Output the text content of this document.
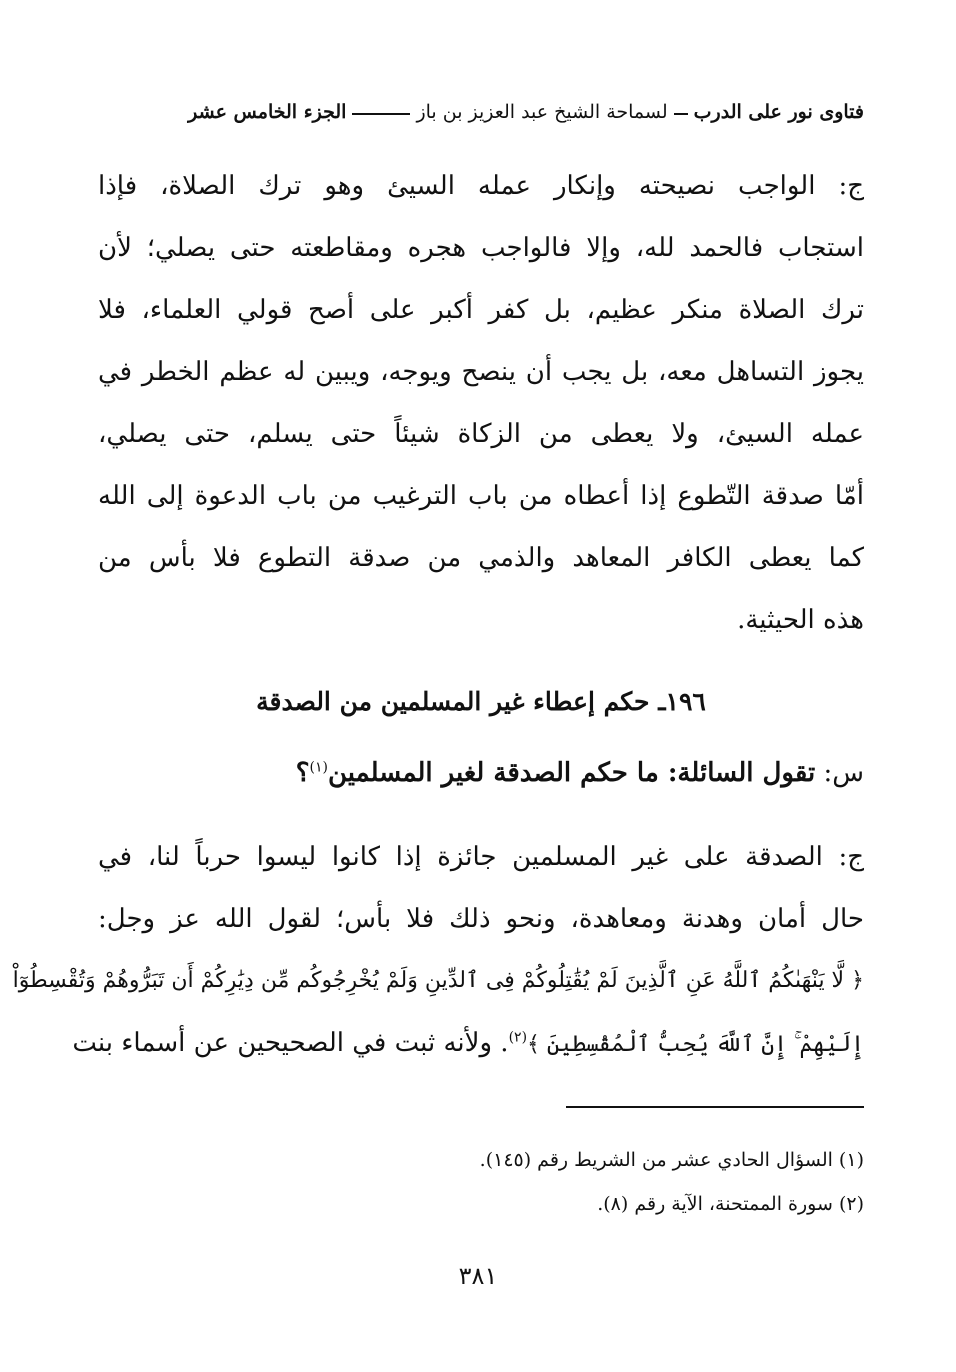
فتاوى نور على الدرب
لسماحة الشيخ عبد العزيز بن باز
الجزء الخامس عشر
ج: الواجب نصيحته وإنكار عمله السيئ وهو ترك الصلاة، فإذا
استجاب فالحمد لله، وإلا فالواجب هجره ومقاطعته حتى يصلي؛ لأن
ترك الصلاة منكر عظيم، بل كفر أكبر على أصح قولي العلماء، فلا
يجوز التساهل معه، بل يجب أن ينصح ويوجه، ويبين له عظم الخطر في
عمله السيئ، ولا يعطى من الزكاة شيئاً حتى يسلم، حتى يصلي،
أمّا صدقة التّطوع إذا أعطاه من باب الترغيب من باب الدعوة إلى الله
كما يعطى الكافر المعاهد والذمي من صدقة التطوع فلا بأس من
هذه الحيثية.
١٩٦ـ حكم إعطاء غير المسلمين من الصدقة
س: تقول السائلة: ما حكم الصدقة لغير المسلمين$^{(١)}$؟
ج: الصدقة على غير المسلمين جائزة إذا كانوا ليسوا حرباً لنا، في
حال أمان وهدنة ومعاهدة، ونحو ذلك فلا بأس؛ لقول الله عز وجل:
﴿ لَّا يَنْهَىٰكُمُ ٱللَّهُ عَنِ ٱلَّذِينَ لَمْ يُقَٰتِلُوكُمْ فِى ٱلدِّينِ وَلَمْ يُخْرِجُوكُم مِّن دِيَٰرِكُمْ أَن تَبَرُّوهُمْ وَتُقْسِطُوٓاْ
إِلَيْهِمْ ۚ إِنَّ ٱللَّهَ يُحِبُّ ٱلْمُقْسِطِينَ ﴾$^{(٢)}$. ولأنه ثبت في الصحيحين عن أسماء بنت
(١) السؤال الحادي عشر من الشريط رقم (١٤٥).
(٢) سورة الممتحنة، الآية رقم (٨).
٣٨١
